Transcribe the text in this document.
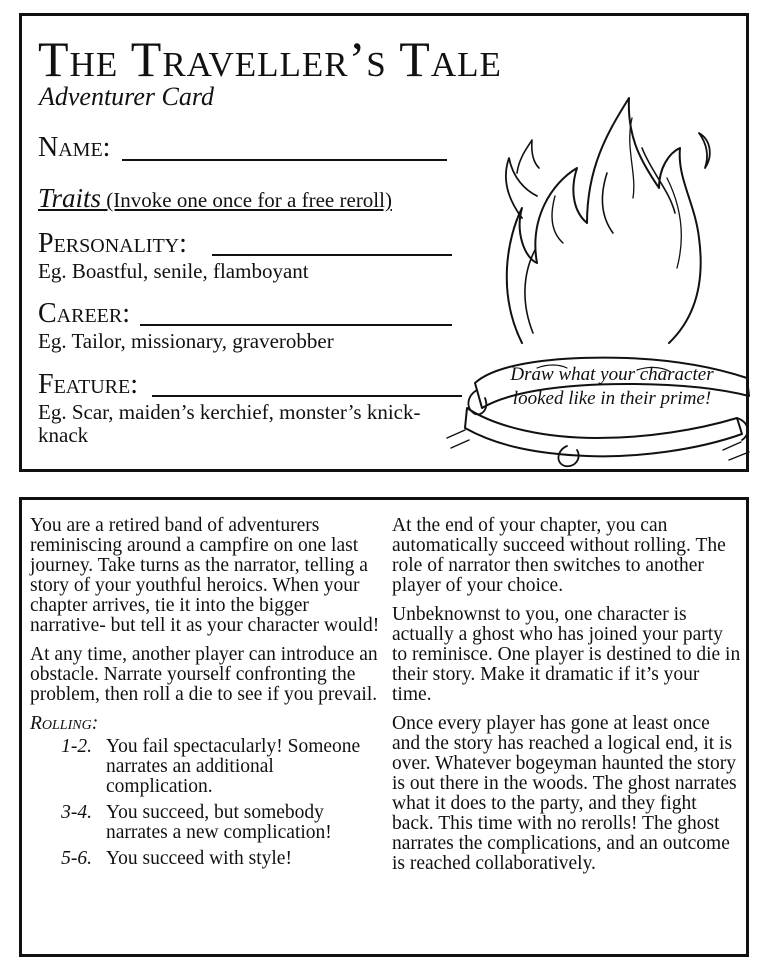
The Traveller’s Tale
Adventurer Card
Name:
Traits (Invoke one once for a free reroll)
Personality:
Eg. Boastful, senile, flamboyant
Career:
Eg. Tailor, missionary, graverobber
Feature:
Eg. Scar, maiden’s kerchief, monster’s knick-knack
Draw what your character looked like in their prime!

You are a retired band of adventurers reminiscing around a campfire on one last journey. Take turns as the narrator, telling a story of your youthful heroics. When your chapter arrives, tie it into the bigger narrative- but tell it as your character would!

At any time, another player can introduce an obstacle. Narrate yourself confronting the problem, then roll a die to see if you prevail.

Rolling:
1-2. You fail spectacularly! Someone narrates an additional complication.
3-4. You succeed, but somebody narrates a new complication!
5-6. You succeed with style!

At the end of your chapter, you can automatically succeed without rolling. The role of narrator then switches to another player of your choice.

Unbeknownst to you, one character is actually a ghost who has joined your party to reminisce. One player is destined to die in their story. Make it dramatic if it’s your time.

Once every player has gone at least once and the story has reached a logical end, it is over. Whatever bogeyman haunted the story is out there in the woods. The ghost narrates what it does to the party, and they fight back. This time with no rerolls! The ghost narrates the complications, and an outcome is reached collaboratively.
